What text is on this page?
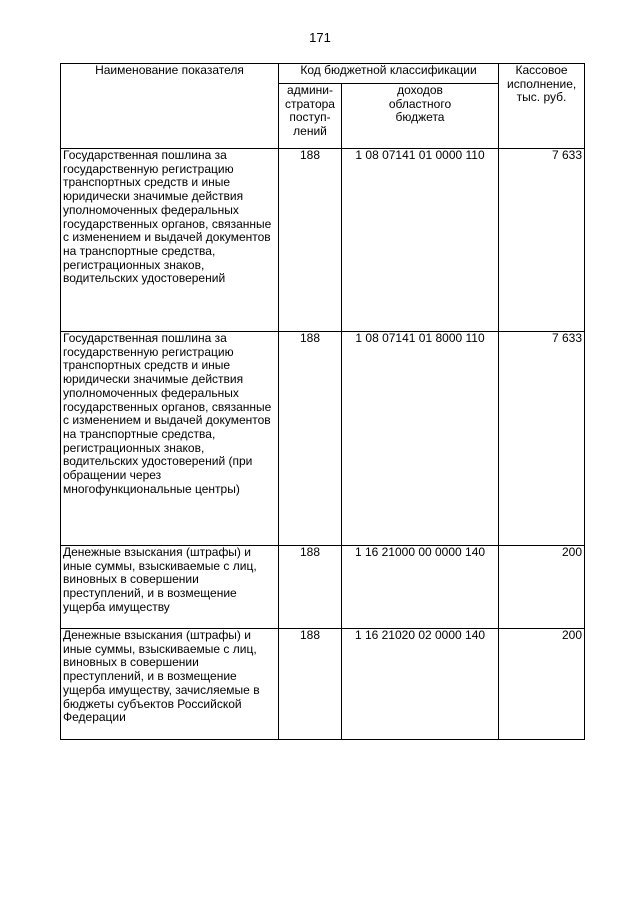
171
Наименование показателя	Код бюджетной классификации		Кассовое исполнение, тыс. руб.

	админи-стратора поступ-лений	доходов областного бюджета	

Государственная пошлина за государственную регистрацию транспортных средств и иные юридически значимые действия уполномоченных федеральных государственных органов, связанные с изменением и выдачей документов на транспортные средства, регистрационных знаков, водительских удостоверений	188	1 08 07141 01 0000 110	7 633

Государственная пошлина за государственную регистрацию транспортных средств и иные юридически значимые действия уполномоченных федеральных государственных органов, связанные с изменением и выдачей документов на транспортные средства, регистрационных знаков, водительских удостоверений (при обращении через многофункциональные центры)	188	1 08 07141 01 8000 110	7 633

Денежные взыскания (штрафы) и иные суммы, взыскиваемые с лиц, виновных в совершении преступлений, и в возмещение ущерба имуществу	188	1 16 21000 00 0000 140	200

Денежные взыскания (штрафы) и иные суммы, взыскиваемые с лиц, виновных в совершении преступлений, и в возмещение ущерба имуществу, зачисляемые в бюджеты субъектов Российской Федерации	188	1 16 21020 02 0000 140	200
